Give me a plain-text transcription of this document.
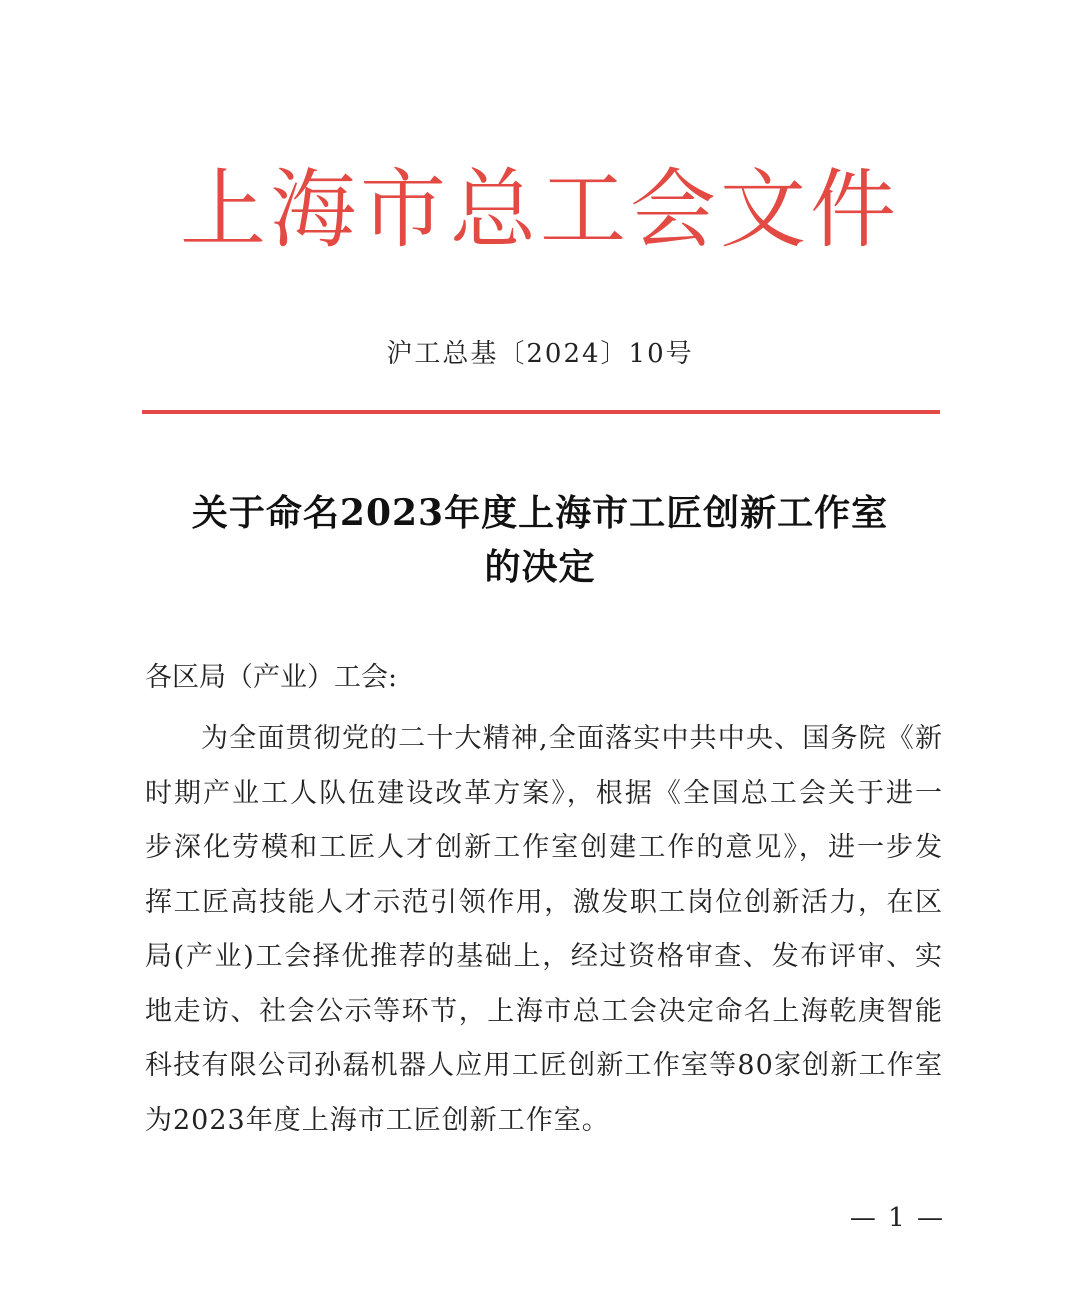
上海市总工会文件
沪工总基〔2024〕10号
关于命名2023年度上海市工匠创新工作室
的决定
各区局（产业）工会:
为全面贯彻党的二十大精神,全面落实中共中央、国务院《新时期产业工人队伍建设改革方案》，根据《全国总工会关于进一步深化劳模和工匠人才创新工作室创建工作的意见》，进一步发挥工匠高技能人才示范引领作用，激发职工岗位创新活力，在区局(产业)工会择优推荐的基础上，经过资格审查、发布评审、实地走访、社会公示等环节，上海市总工会决定命名上海乾庚智能科技有限公司孙磊机器人应用工匠创新工作室等80家创新工作室为2023年度上海市工匠创新工作室。
— 1 —
